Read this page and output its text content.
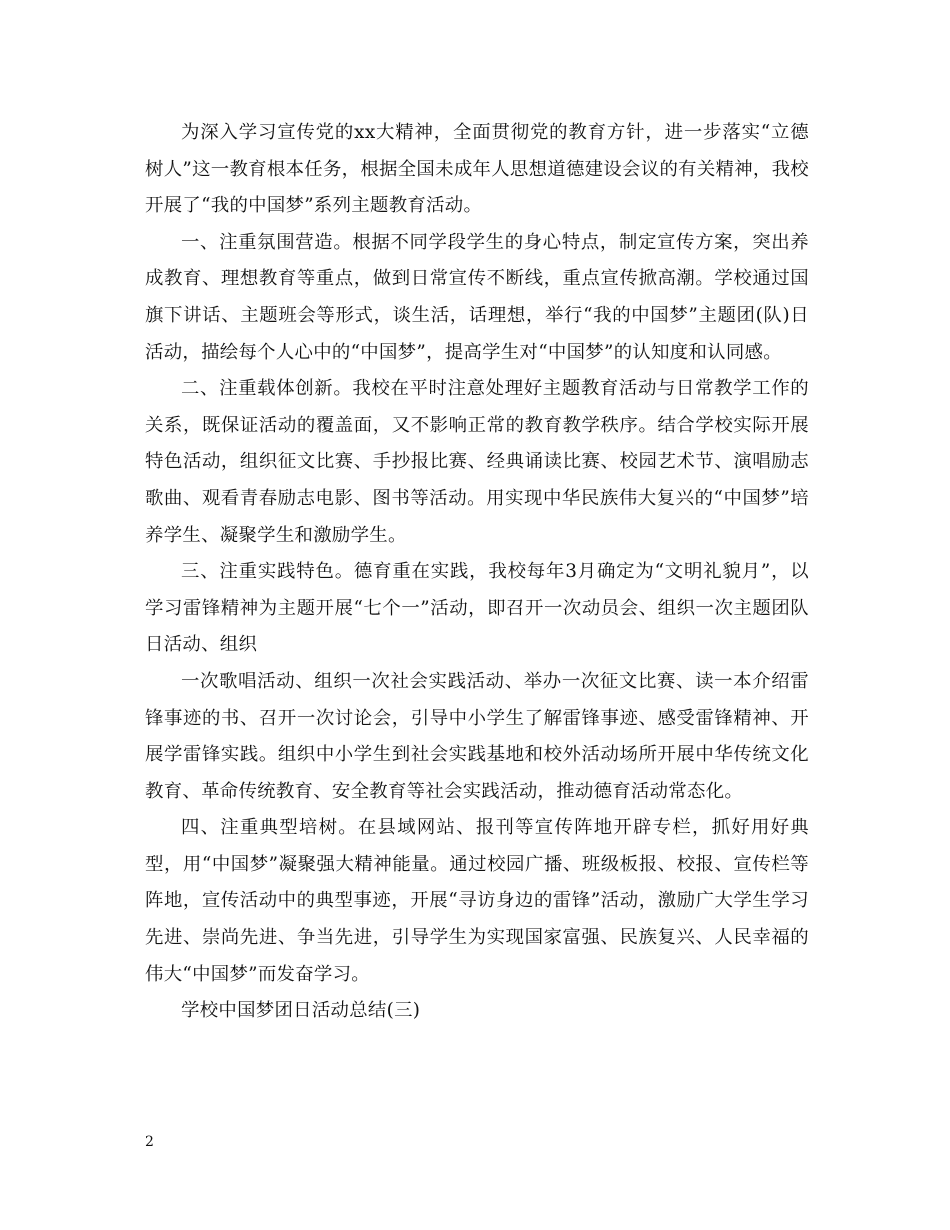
为深入学习宣传党的xx大精神，全面贯彻党的教育方针，进一步落实“立德树人”这一教育根本任务，根据全国未成年人思想道德建设会议的有关精神，我校开展了“我的中国梦”系列主题教育活动。

一、注重氛围营造。根据不同学段学生的身心特点，制定宣传方案，突出养成教育、理想教育等重点，做到日常宣传不断线，重点宣传掀高潮。学校通过国旗下讲话、主题班会等形式，谈生活，话理想，举行“我的中国梦”主题团(队)日活动，描绘每个人心中的“中国梦”，提高学生对“中国梦”的认知度和认同感。

二、注重载体创新。我校在平时注意处理好主题教育活动与日常教学工作的关系，既保证活动的覆盖面，又不影响正常的教育教学秩序。结合学校实际开展特色活动，组织征文比赛、手抄报比赛、经典诵读比赛、校园艺术节、演唱励志歌曲、观看青春励志电影、图书等活动。用实现中华民族伟大复兴的“中国梦”培养学生、凝聚学生和激励学生。

三、注重实践特色。德育重在实践，我校每年3月确定为“文明礼貌月”，以学习雷锋精神为主题开展“七个一”活动，即召开一次动员会、组织一次主题团队日活动、组织

一次歌唱活动、组织一次社会实践活动、举办一次征文比赛、读一本介绍雷锋事迹的书、召开一次讨论会，引导中小学生了解雷锋事迹、感受雷锋精神、开展学雷锋实践。组织中小学生到社会实践基地和校外活动场所开展中华传统文化教育、革命传统教育、安全教育等社会实践活动，推动德育活动常态化。

四、注重典型培树。在县域网站、报刊等宣传阵地开辟专栏，抓好用好典型，用“中国梦”凝聚强大精神能量。通过校园广播、班级板报、校报、宣传栏等阵地，宣传活动中的典型事迹，开展“寻访身边的雷锋”活动，激励广大学生学习先进、崇尚先进、争当先进，引导学生为实现国家富强、民族复兴、人民幸福的伟大“中国梦”而发奋学习。

学校中国梦团日活动总结(三)

2
